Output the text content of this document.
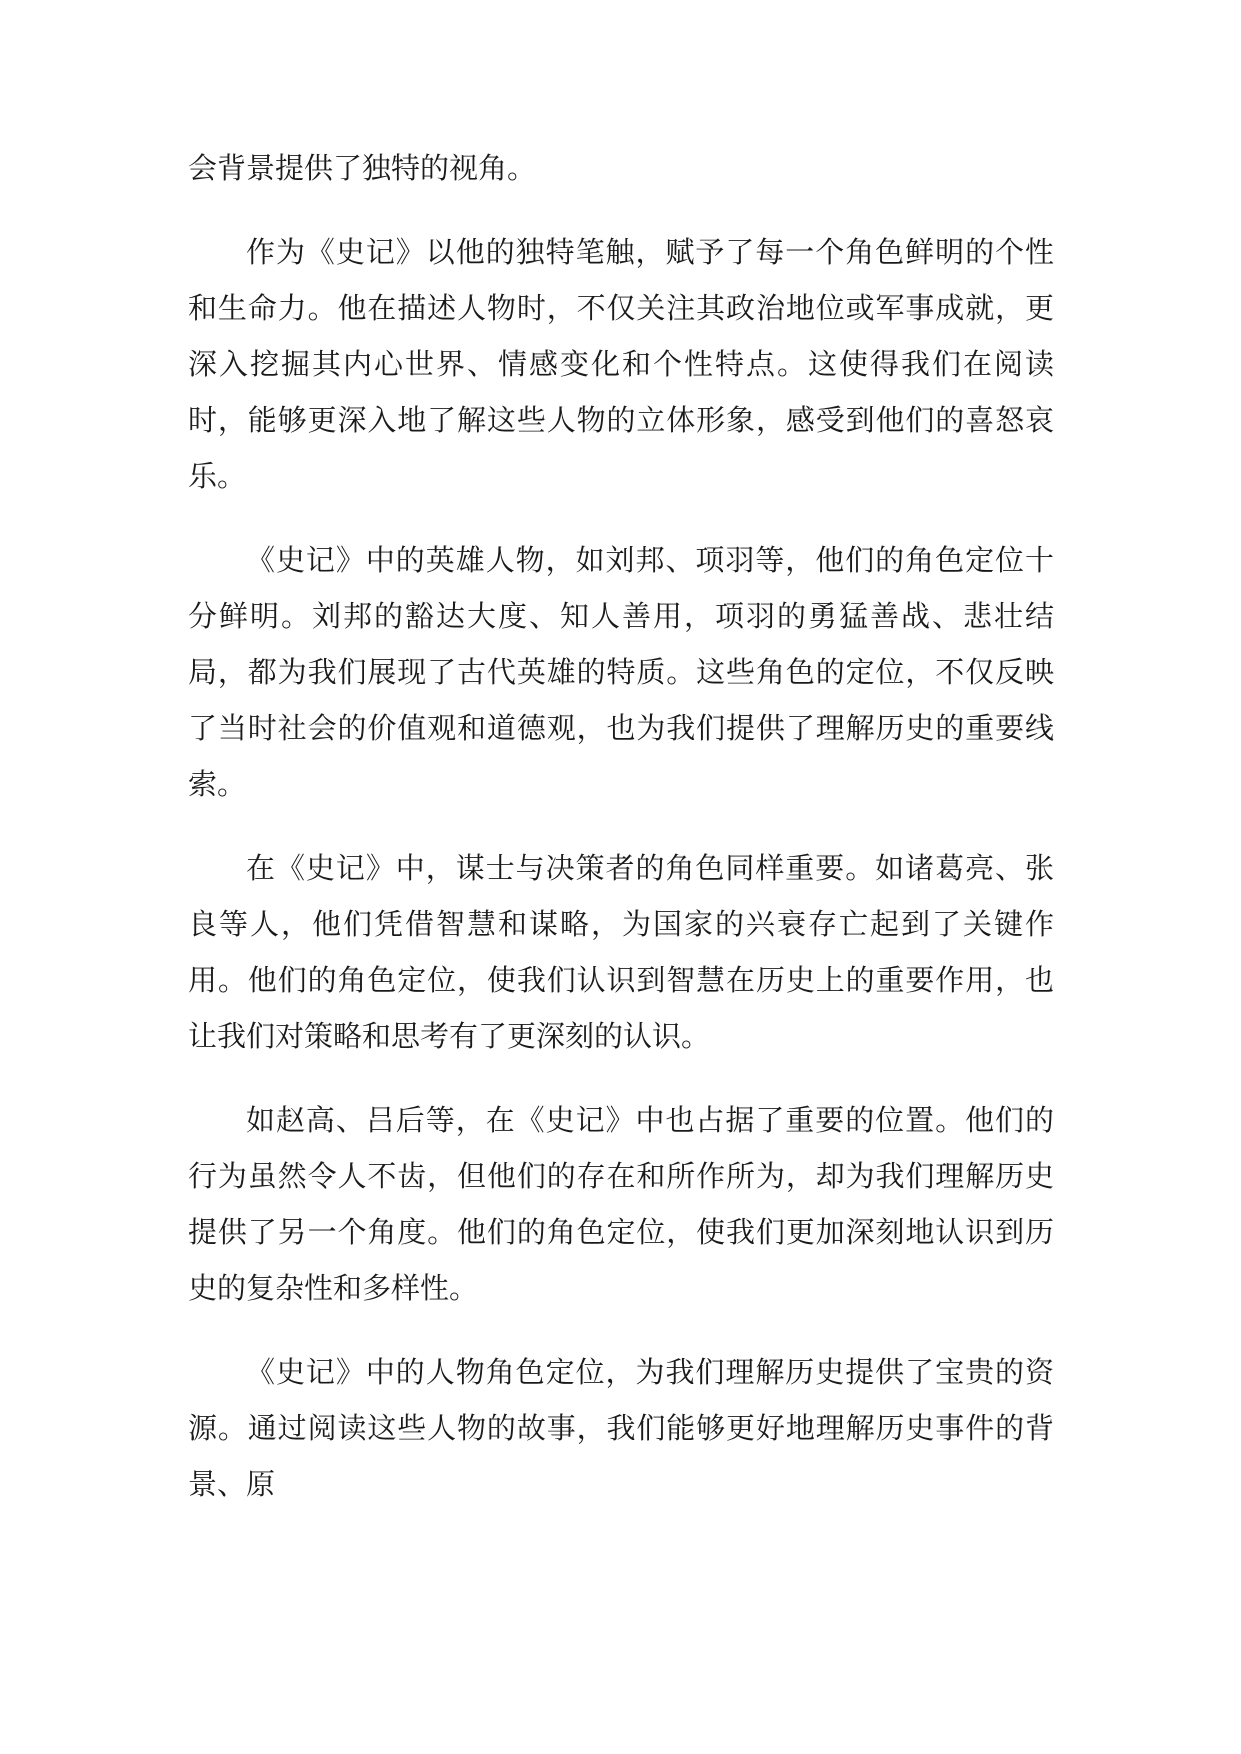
会背景提供了独特的视角。

作为《史记》以他的独特笔触，赋予了每一个角色鲜明的个性和生命力。他在描述人物时，不仅关注其政治地位或军事成就，更深入挖掘其内心世界、情感变化和个性特点。这使得我们在阅读时，能够更深入地了解这些人物的立体形象，感受到他们的喜怒哀乐。

《史记》中的英雄人物，如刘邦、项羽等，他们的角色定位十分鲜明。刘邦的豁达大度、知人善用，项羽的勇猛善战、悲壮结局，都为我们展现了古代英雄的特质。这些角色的定位，不仅反映了当时社会的价值观和道德观，也为我们提供了理解历史的重要线索。

在《史记》中，谋士与决策者的角色同样重要。如诸葛亮、张良等人，他们凭借智慧和谋略，为国家的兴衰存亡起到了关键作用。他们的角色定位，使我们认识到智慧在历史上的重要作用，也让我们对策略和思考有了更深刻的认识。

如赵高、吕后等，在《史记》中也占据了重要的位置。他们的行为虽然令人不齿，但他们的存在和所作所为，却为我们理解历史提供了另一个角度。他们的角色定位，使我们更加深刻地认识到历史的复杂性和多样性。

《史记》中的人物角色定位，为我们理解历史提供了宝贵的资源。通过阅读这些人物的故事，我们能够更好地理解历史事件的背景、原
